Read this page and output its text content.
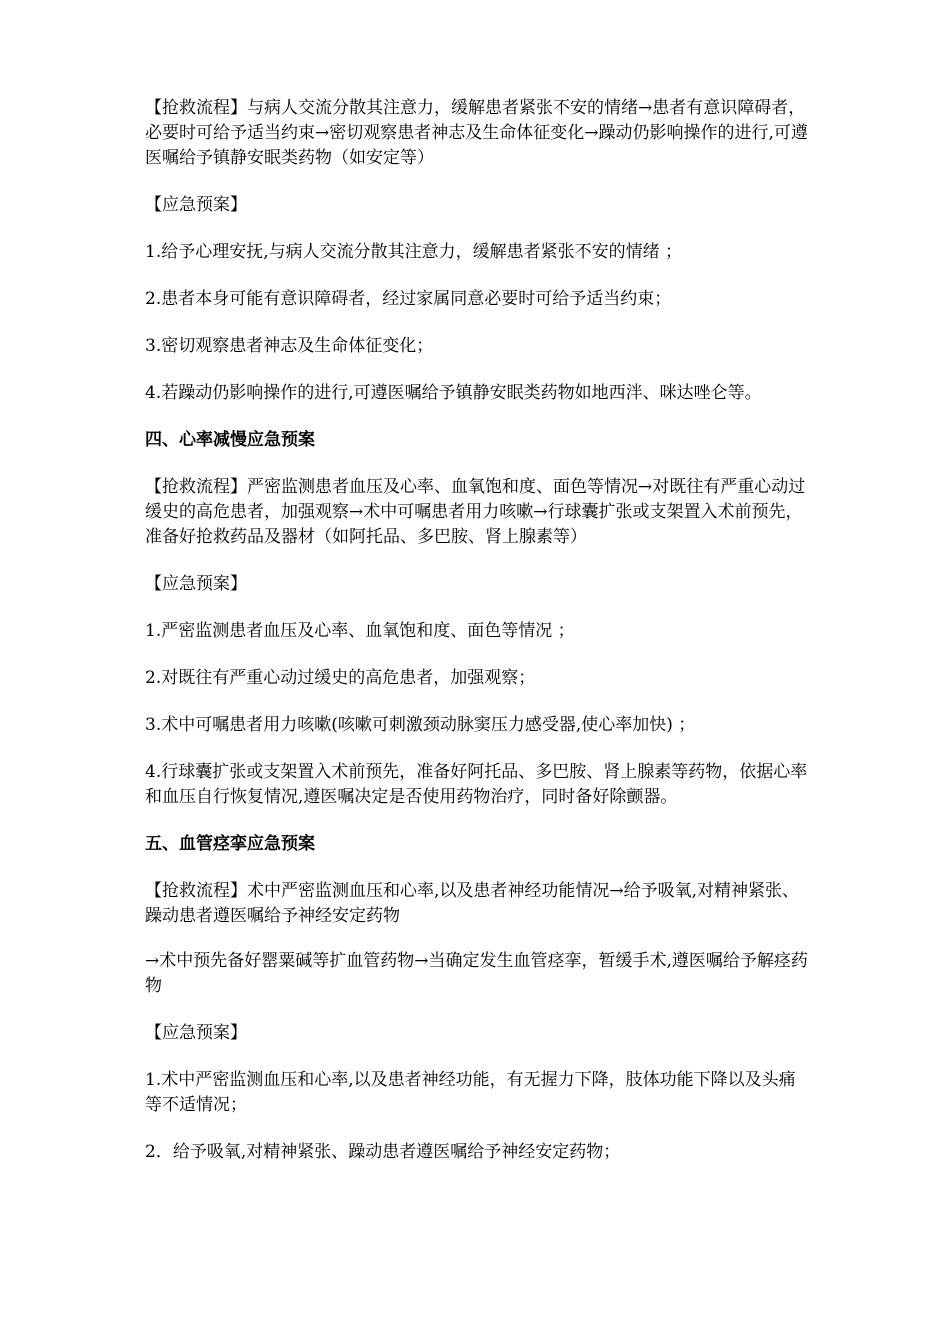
【抢救流程】与病人交流分散其注意力，缓解患者紧张不安的情绪→患者有意识障碍者，必要时可给予适当约束→密切观察患者神志及生命体征变化→躁动仍影响操作的进行,可遵医嘱给予镇静安眠类药物（如安定等）

【应急预案】

1.给予心理安抚,与病人交流分散其注意力，缓解患者紧张不安的情绪 ；

2.患者本身可能有意识障碍者，经过家属同意必要时可给予适当约束；

3.密切观察患者神志及生命体征变化；

4.若躁动仍影响操作的进行,可遵医嘱给予镇静安眠类药物如地西泮、咪达唑仑等。

四、心率减慢应急预案

【抢救流程】严密监测患者血压及心率、血氧饱和度、面色等情况→对既往有严重心动过缓史的高危患者，加强观察→术中可嘱患者用力咳嗽→行球囊扩张或支架置入术前预先，准备好抢救药品及器材（如阿托品、多巴胺、肾上腺素等）

【应急预案】

1.严密监测患者血压及心率、血氧饱和度、面色等情况 ；

2.对既往有严重心动过缓史的高危患者，加强观察；

3.术中可嘱患者用力咳嗽(咳嗽可刺激颈动脉窦压力感受器,使心率加快) ；

4.行球囊扩张或支架置入术前预先，准备好阿托品、多巴胺、肾上腺素等药物，依据心率和血压自行恢复情况,遵医嘱决定是否使用药物治疗，同时备好除颤器。

五、血管痉挛应急预案

【抢救流程】术中严密监测血压和心率,以及患者神经功能情况→给予吸氧,对精神紧张、躁动患者遵医嘱给予神经安定药物

→术中预先备好罂粟碱等扩血管药物→当确定发生血管痉挛，暂缓手术,遵医嘱给予解痉药物

【应急预案】

1.术中严密监测血压和心率,以及患者神经功能，有无握力下降，肢体功能下降以及头痛等不适情况；

2．给予吸氧,对精神紧张、躁动患者遵医嘱给予神经安定药物；
